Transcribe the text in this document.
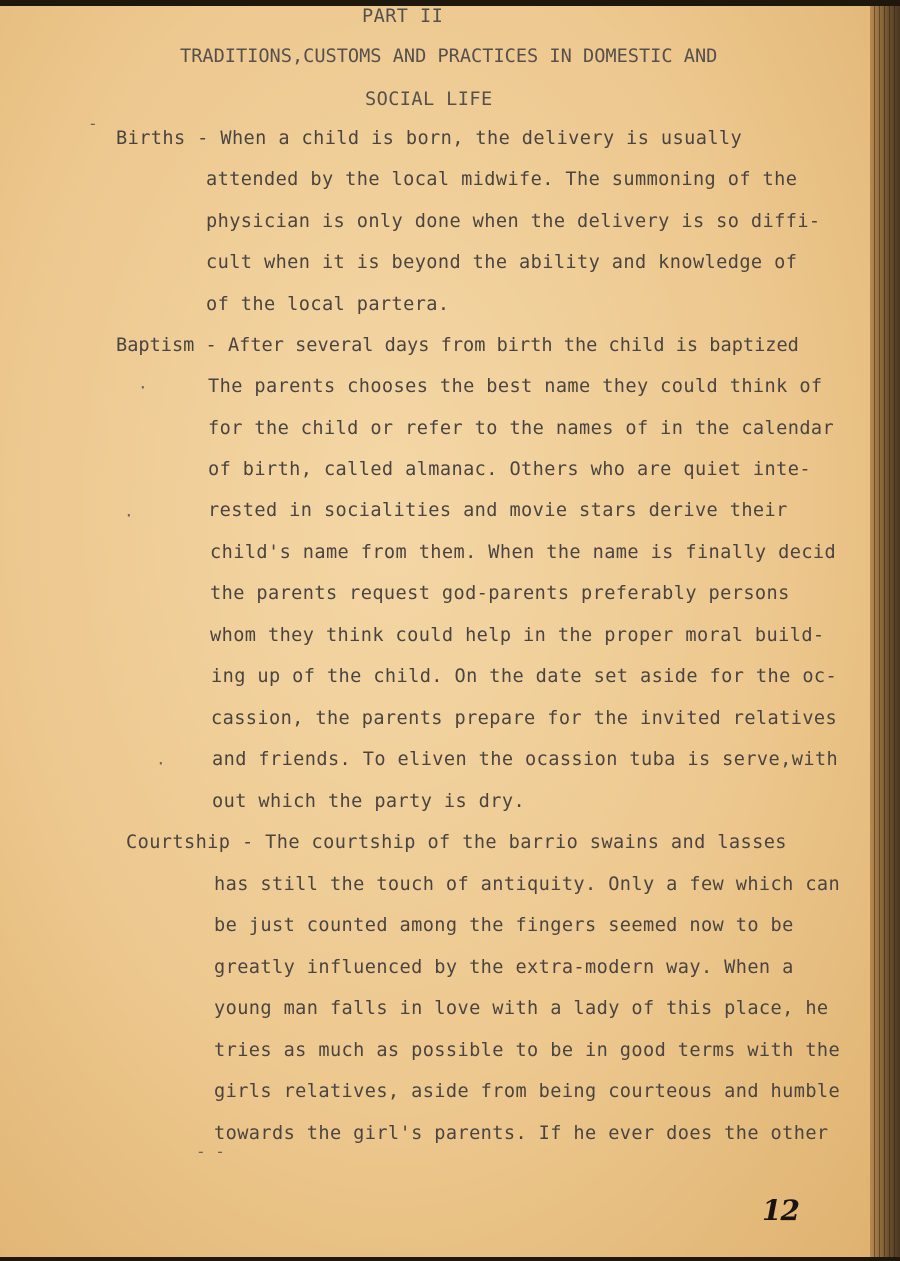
PART II
TRADITIONS,CUSTOMS AND PRACTICES IN DOMESTIC AND
SOCIAL LIFE
Births - When a child is born, the delivery is usually
attended by the local midwife. The summoning of the
physician is only done when the delivery is so diffi-
cult when it is beyond the ability and knowledge of
of the local partera.
Baptism - After several days from birth the child is baptized
The parents chooses the best name they could think of
for the child or refer to the names of in the calendar
of birth, called almanac. Others who are quiet inte-
rested in socialities and movie stars derive their
child's name from them. When the name is finally decid
the parents request god-parents preferably persons
whom they think could help in the proper moral build-
ing up of the child. On the date set aside for the oc-
cassion, the parents prepare for the invited relatives
and friends. To eliven the ocassion tuba is serve,with
out which the party is dry.
Courtship - The courtship of the barrio swains and lasses
has still the touch of antiquity. Only a few which can
be just counted among the fingers seemed now to be
greatly influenced by the extra-modern way. When a
young man falls in love with a lady of this place, he
tries as much as possible to be in good terms with the
girls relatives, aside from being courteous and humble
towards the girl's parents. If he ever does the other
-
·
·
·
- -
12
